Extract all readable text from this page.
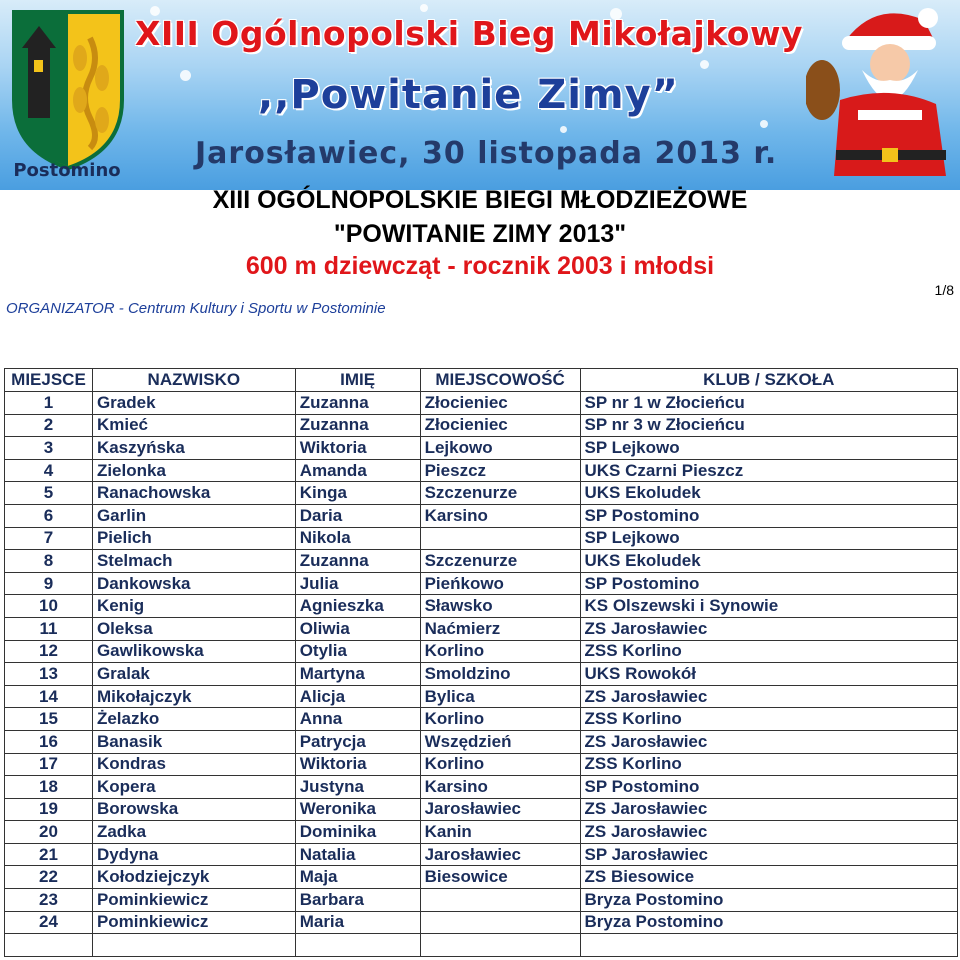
Postomino
XIII Ogólnopolski Bieg Mikołajkowy
,,Powitanie Zimy”
Jarosławiec, 30 listopada 2013 r.
XIII OGÓLNOPOLSKIE BIEGI MŁODZIEŻOWE
"POWITANIE ZIMY 2013"
600 m dziewcząt - rocznik 2003 i młodsi
ORGANIZATOR - Centrum Kultury i Sportu w Postominie
1/8
MIEJSCE	NAZWISKO	IMIĘ	MIEJSCOWOŚĆ	KLUB / SZKOŁA
1	Gradek	Zuzanna	Złocieniec	SP nr 1 w Złocieńcu
2	Kmieć	Zuzanna	Złocieniec	SP nr 3 w Złocieńcu
3	Kaszyńska	Wiktoria	Lejkowo	SP Lejkowo
4	Zielonka	Amanda	Pieszcz	UKS Czarni Pieszcz
5	Ranachowska	Kinga	Szczenurze	UKS Ekoludek
6	Garlin	Daria	Karsino	SP Postomino
7	Pielich	Nikola		SP Lejkowo
8	Stelmach	Zuzanna	Szczenurze	UKS Ekoludek
9	Dankowska	Julia	Pieńkowo	SP Postomino
10	Kenig	Agnieszka	Sławsko	KS Olszewski i Synowie
11	Oleksa	Oliwia	Naćmierz	ZS Jarosławiec
12	Gawlikowska	Otylia	Korlino	ZSS Korlino
13	Gralak	Martyna	Smoldzino	UKS Rowokół
14	Mikołajczyk	Alicja	Bylica	ZS Jarosławiec
15	Żelazko	Anna	Korlino	ZSS Korlino
16	Banasik	Patrycja	Wszędzień	ZS Jarosławiec
17	Kondras	Wiktoria	Korlino	ZSS Korlino
18	Kopera	Justyna	Karsino	SP Postomino
19	Borowska	Weronika	Jarosławiec	ZS Jarosławiec
20	Zadka	Dominika	Kanin	ZS Jarosławiec
21	Dydyna	Natalia	Jarosławiec	SP Jarosławiec
22	Kołodziejczyk	Maja	Biesowice	ZS Biesowice
23	Pominkiewicz	Barbara		Bryza Postomino
24	Pominkiewicz	Maria		Bryza Postomino
